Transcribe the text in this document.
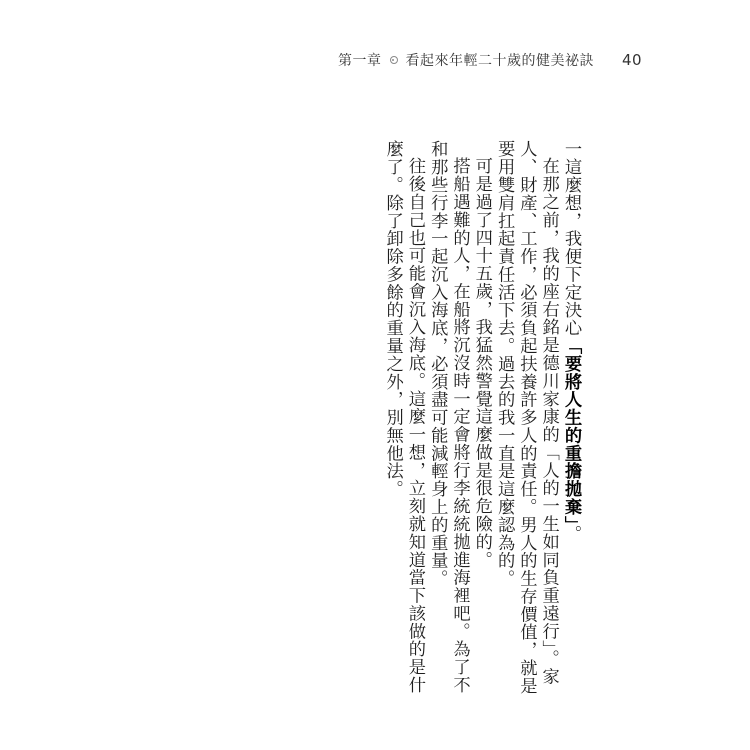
第一章 看起來年輕二十歲的健美祕訣 40

一這麼想，我便下定決心「要將人生的重擔拋棄」。

在那之前，我的座右銘是德川家康的「人的一生如同負重遠行」。家人、財產、工作，必須負起扶養許多人的責任。男人的生存價值，就是要用雙肩扛起責任活下去。過去的我一直是這麼認為的。

可是過了四十五歲，我猛然警覺這麼做是很危險的。

搭船遇難的人，在船將沉沒時一定會將行李統統拋進海裡吧。為了不和那些行李一起沉入海底，必須盡可能減輕身上的重量。

往後自己也可能會沉入海底。這麼一想，立刻就知道當下該做的是什麼了。除了卸除多餘的重量之外，別無他法。
